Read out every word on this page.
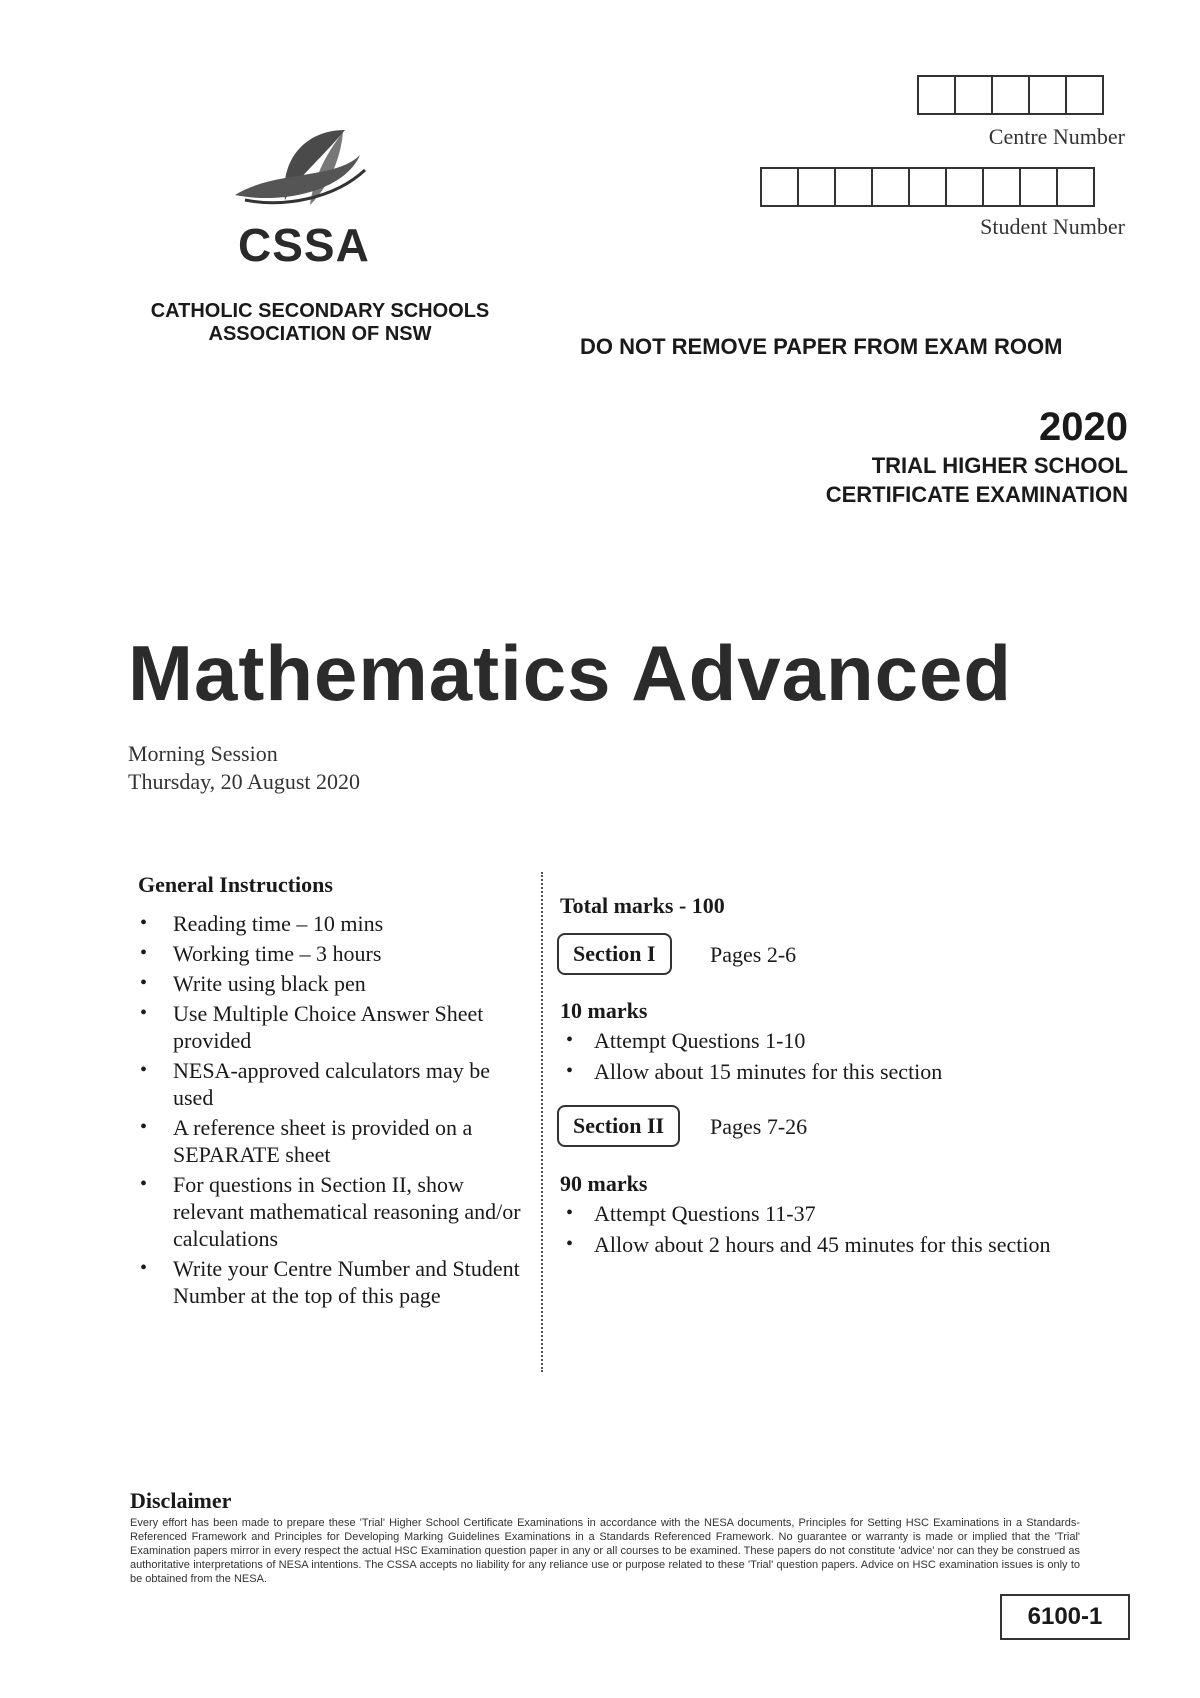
CSSA
CATHOLIC SECONDARY SCHOOLS
ASSOCIATION OF NSW
Centre Number
Student Number
DO NOT REMOVE PAPER FROM EXAM ROOM
2020
TRIAL HIGHER SCHOOL
CERTIFICATE EXAMINATION
Mathematics Advanced
Morning Session
Thursday, 20 August 2020
General Instructions
• Reading time – 10 mins
• Working time – 3 hours
• Write using black pen
• Use Multiple Choice Answer Sheet provided
• NESA-approved calculators may be used
• A reference sheet is provided on a SEPARATE sheet
• For questions in Section II, show relevant mathematical reasoning and/or calculations
• Write your Centre Number and Student Number at the top of this page
Total marks - 100
Section I	Pages 2-6
10 marks
• Attempt Questions 1-10
• Allow about 15 minutes for this section
Section II	Pages 7-26
90 marks
• Attempt Questions 11-37
• Allow about 2 hours and 45 minutes for this section
Disclaimer
Every effort has been made to prepare these 'Trial' Higher School Certificate Examinations in accordance with the NESA documents, Principles for Setting HSC Examinations in a Standards-Referenced Framework and Principles for Developing Marking Guidelines Examinations in a Standards Referenced Framework. No guarantee or warranty is made or implied that the 'Trial' Examination papers mirror in every respect the actual HSC Examination question paper in any or all courses to be examined. These papers do not constitute 'advice' nor can they be construed as authoritative interpretations of NESA intentions. The CSSA accepts no liability for any reliance use or purpose related to these 'Trial' question papers. Advice on HSC examination issues is only to be obtained from the NESA.
6100-1
